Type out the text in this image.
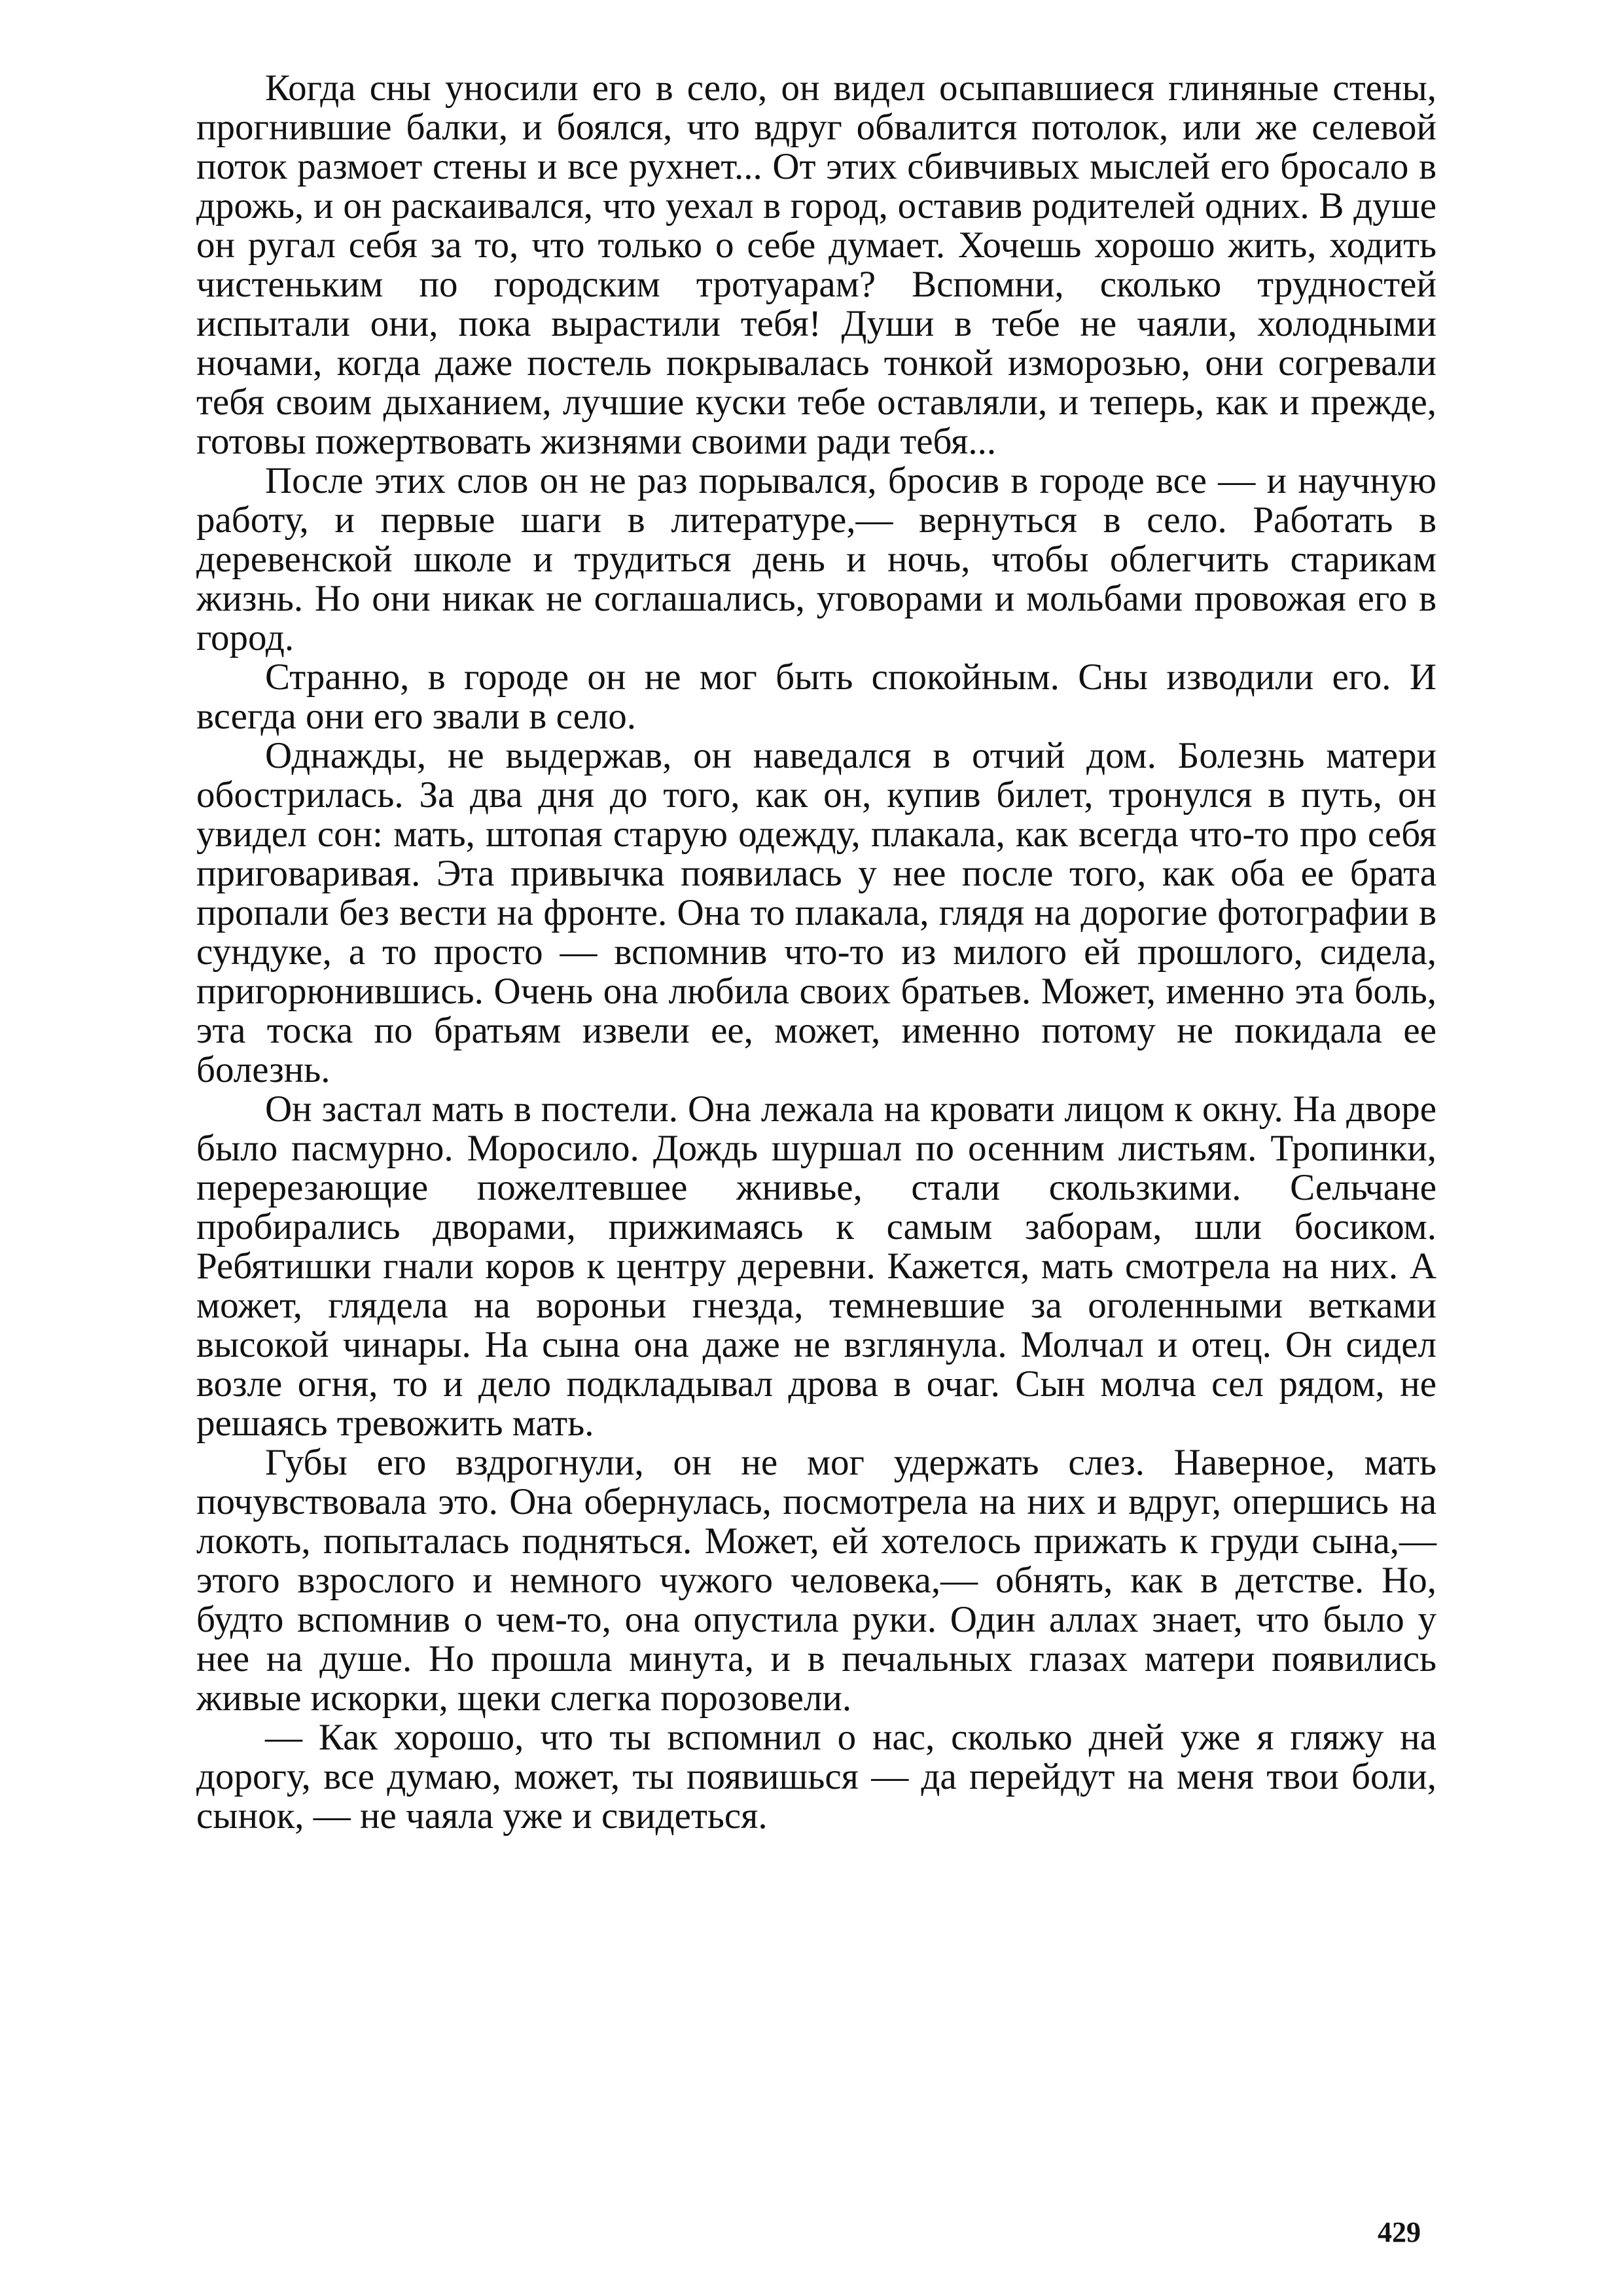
Когда сны уносили его в село, он видел осыпавшиеся глиняные стены, прогнившие балки, и боялся, что вдруг обвалится потолок, или же селевой поток размоет стены и все рухнет... От этих сбивчивых мыслей его бросало в дрожь, и он раскаивался, что уехал в город, оставив родителей одних. В душе он ругал себя за то, что только о себе думает. Хочешь хорошо жить, ходить чистеньким по городским тротуарам? Вспомни, сколько трудностей испытали они, пока вырастили тебя! Души в тебе не чаяли, холодными ночами, когда даже постель покрывалась тонкой изморозью, они согревали тебя своим дыханием, лучшие куски тебе оставляли, и теперь, как и прежде, готовы пожертвовать жизнями своими ради тебя...

После этих слов он не раз порывался, бросив в городе все — и научную работу, и первые шаги в литературе,— вернуться в село. Работать в деревенской школе и трудиться день и ночь, чтобы облегчить старикам жизнь. Но они никак не соглашались, уговорами и мольбами провожая его в город.

Странно, в городе он не мог быть спокойным. Сны изводили его. И всегда они его звали в село.

Однажды, не выдержав, он наведался в отчий дом. Болезнь матери обострилась. За два дня до того, как он, купив билет, тронулся в путь, он увидел сон: мать, штопая старую одежду, плакала, как всегда что-то про себя приговаривая. Эта привычка появилась у нее после того, как оба ее брата пропали без вести на фронте. Она то плакала, глядя на дорогие фотографии в сундуке, а то просто — вспомнив что-то из милого ей прошлого, сидела, пригорюнившись. Очень она любила своих братьев. Может, именно эта боль, эта тоска по братьям извели ее, может, именно потому не покидала ее болезнь.

Он застал мать в постели. Она лежала на кровати лицом к окну. На дворе было пасмурно. Моросило. Дождь шуршал по осенним листьям. Тропинки, перерезающие пожелтевшее жнивье, стали скользкими. Сельчане пробирались дворами, прижимаясь к самым заборам, шли босиком. Ребятишки гнали коров к центру деревни. Кажется, мать смотрела на них. А может, глядела на вороньи гнезда, темневшие за оголенными ветками высокой чинары. На сына она даже не взглянула. Молчал и отец. Он сидел возле огня, то и дело подкладывал дрова в очаг. Сын молча сел рядом, не решаясь тревожить мать.

Губы его вздрогнули, он не мог удержать слез. Наверное, мать почувствовала это. Она обернулась, посмотрела на них и вдруг, опершись на локоть, попыталась подняться. Может, ей хотелось прижать к груди сына,— этого взрослого и немного чужого человека,— обнять, как в детстве. Но, будто вспомнив о чем-то, она опустила руки. Один аллах знает, что было у нее на душе. Но прошла минута, и в печальных глазах матери появились живые искорки, щеки слегка порозовели.

— Как хорошо, что ты вспомнил о нас, сколько дней уже я гляжу на дорогу, все думаю, может, ты появишься — да перейдут на меня твои боли, сынок, — не чаяла уже и свидеться.

429
